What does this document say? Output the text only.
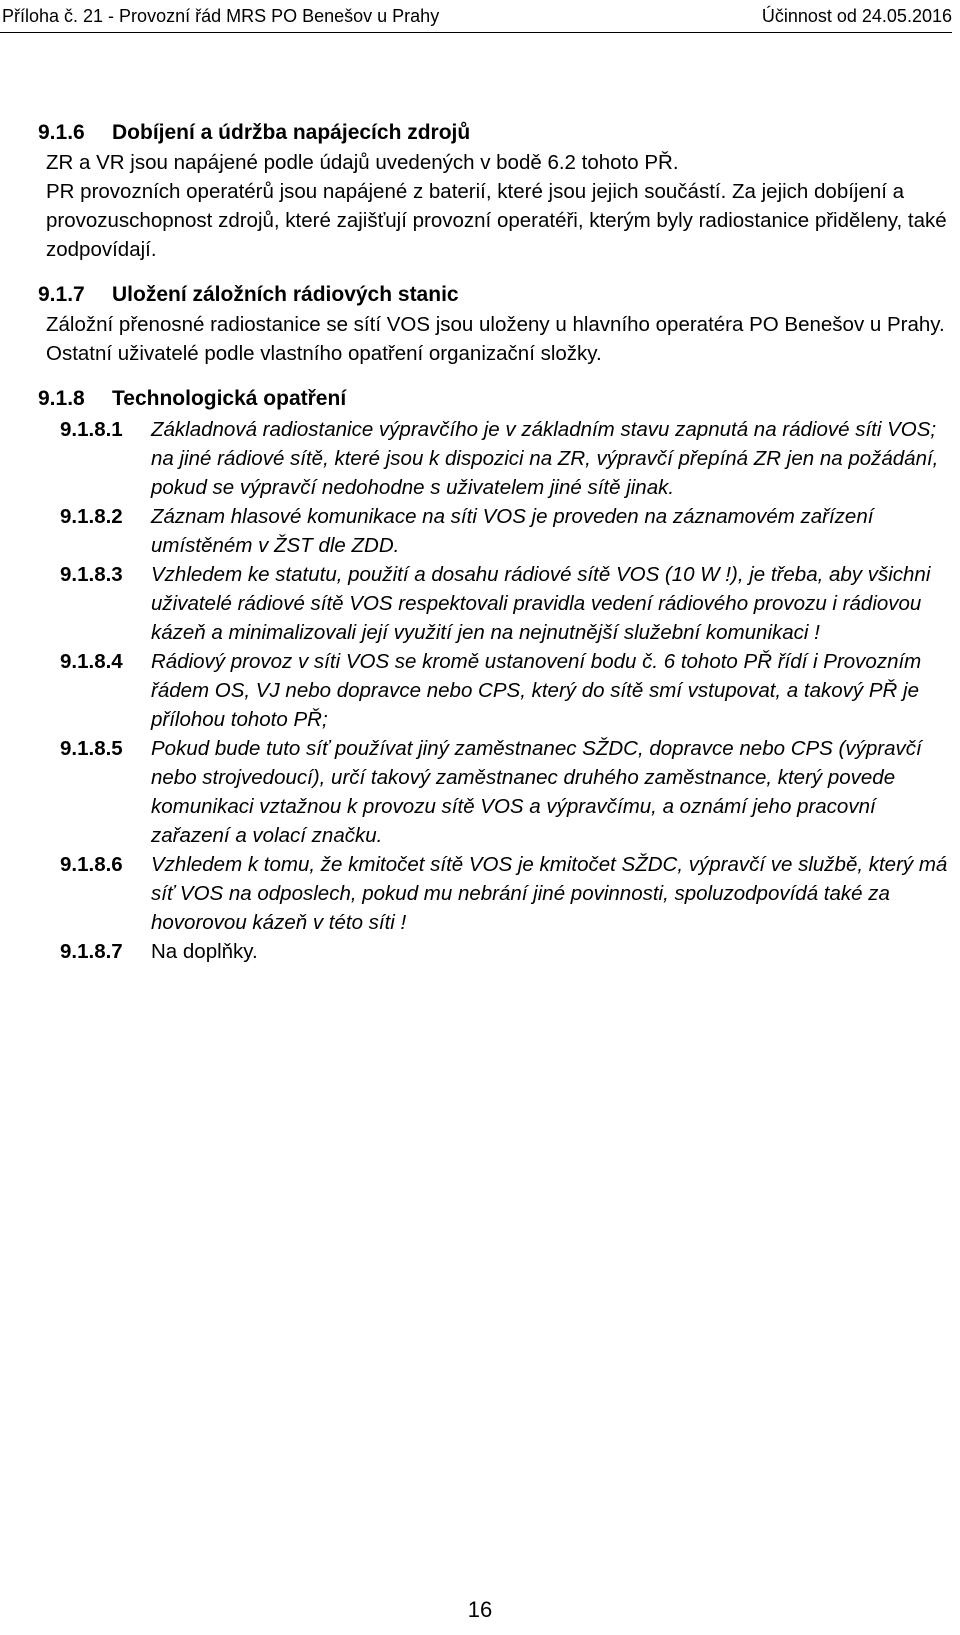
Příloha č. 21 - Provozní řád MRS PO Benešov u Prahy	Účinnost od 24.05.2016
9.1.6 Dobíjení a údržba napájecích zdrojů
ZR a VR jsou napájené podle údajů uvedených v bodě 6.2 tohoto PŘ.
PR provozních operatérů jsou napájené z baterií, které jsou jejich součástí. Za jejich dobíjení a provozuschopnost zdrojů, které zajišťují provozní operatéři, kterým byly radiostanice přiděleny, také zodpovídají.
9.1.7 Uložení záložních rádiových stanic
Záložní přenosné radiostanice se sítí VOS jsou uloženy u hlavního operatéra PO Benešov u Prahy.
Ostatní uživatelé podle vlastního opatření organizační složky.
9.1.8 Technologická opatření
9.1.8.1 Základnová radiostanice výpravčího je v základním stavu zapnutá na rádiové síti VOS; na jiné rádiové sítě, které jsou k dispozici na ZR, výpravčí přepíná ZR jen na požádání, pokud se výpravčí nedohodne s uživatelem jiné sítě jinak.
9.1.8.2 Záznam hlasové komunikace na síti VOS je proveden na záznamovém zařízení umístěném v ŽST dle ZDD.
9.1.8.3 Vzhledem ke statutu, použití a dosahu rádiové sítě VOS (10 W !), je třeba, aby všichni uživatelé rádiové sítě VOS respektovali pravidla vedení rádiového provozu i rádiovou kázeň a minimalizovali její využití jen na nejnutnější služební komunikaci !
9.1.8.4 Rádiový provoz v síti VOS se kromě ustanovení bodu č. 6 tohoto PŘ řídí i Provozním řádem OS, VJ nebo dopravce nebo CPS, který do sítě smí vstupovat, a takový PŘ je přílohou tohoto PŘ;
9.1.8.5 Pokud bude tuto síť používat jiný zaměstnanec SŽDC, dopravce nebo CPS (výpravčí nebo strojvedoucí), určí takový zaměstnanec druhého zaměstnance, který povede komunikaci vztažnou k provozu sítě VOS a výpravčímu, a oznámí jeho pracovní zařazení a volací značku.
9.1.8.6 Vzhledem k tomu, že kmitočet sítě VOS je kmitočet SŽDC, výpravčí ve službě, který má síť VOS na odposlech, pokud mu nebrání jiné povinnosti, spoluzodpovídá také za hovorovou kázeň v této síti !
9.1.8.7 Na doplňky.
16
